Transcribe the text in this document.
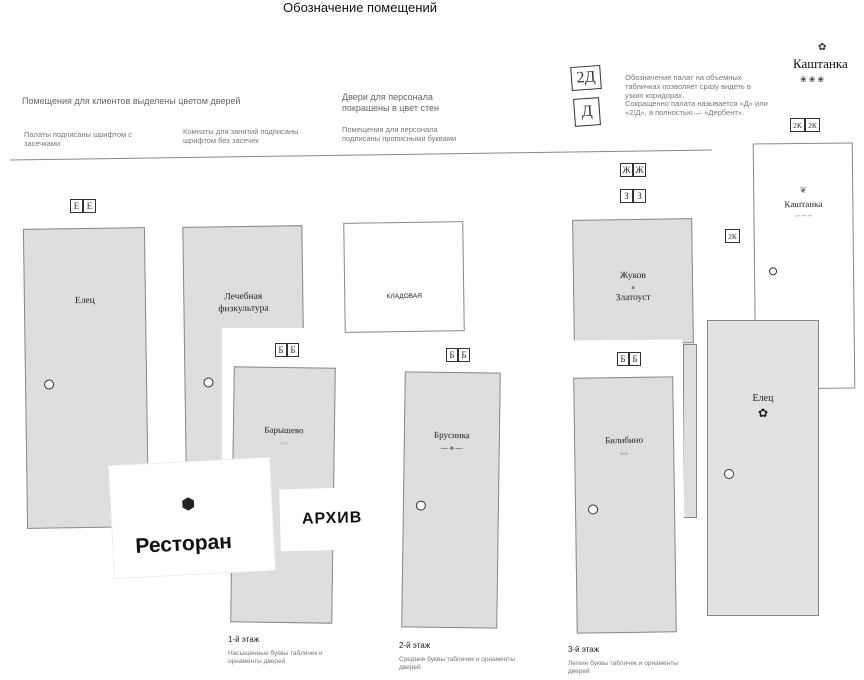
Обозначение помещений
Помещения для клиентов выделены цветом дверей
Палаты подписаны шрифтом с засечками
Комнаты для занятий подписаны шрифтом без засечек
Двери для персонала покрашены в цвет стен
Помещения для персонала подписаны прописными буквами
Обозначение палат на объемных табличках позволяет сразу видеть в узких коридорах.
Сокращенно палата называется «Д» или «2/Д», а полностью — «Дербент».
2Д
Д
✿
Каштанка
❀❀❀
Е Е
Ж Ж
З З
2К 2К
2К
Елец	Лечебная физкультура
КЛАДОВАЯ
Жуков
и
Златоуст
❦
Каштанка
∽∽∽
Б Б	Б Б	Б Б
Барышево
〰
Брусника
⁓✦⁓
Билибино
◦◦◦
Елец
✿
⬢
Ресторан
АРХИВ
1-й этаж
Насыщенные буквы табличек и орнаменты дверей
2-й этаж
Средние буквы табличек и орнаменты дверей
3-й этаж
Легкие буквы табличек и орнаменты дверей
